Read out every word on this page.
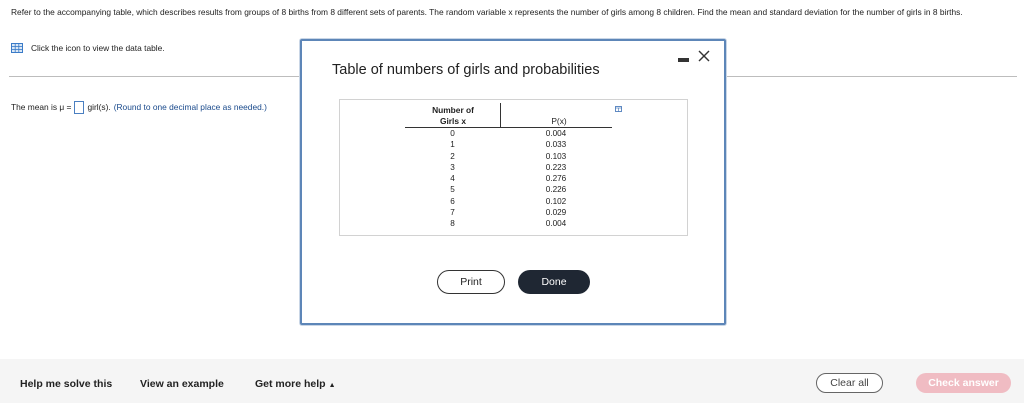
Refer to the accompanying table, which describes results from groups of 8 births from 8 different sets of parents. The random variable x represents the number of girls among 8 children. Find the mean and standard deviation for the number of girls in 8 births.
Click the icon to view the data table.
The mean is μ = girl(s). (Round to one decimal place as needed.)
Table of numbers of girls and probabilities
Number of
Girls x	P(x)
0	0.004
1	0.033
2	0.103
3	0.223
4	0.276
5	0.226
6	0.102
7	0.029
8	0.004
Print	Done
Help me solve this	View an example	Get more help ▲	Clear all	Check answer
